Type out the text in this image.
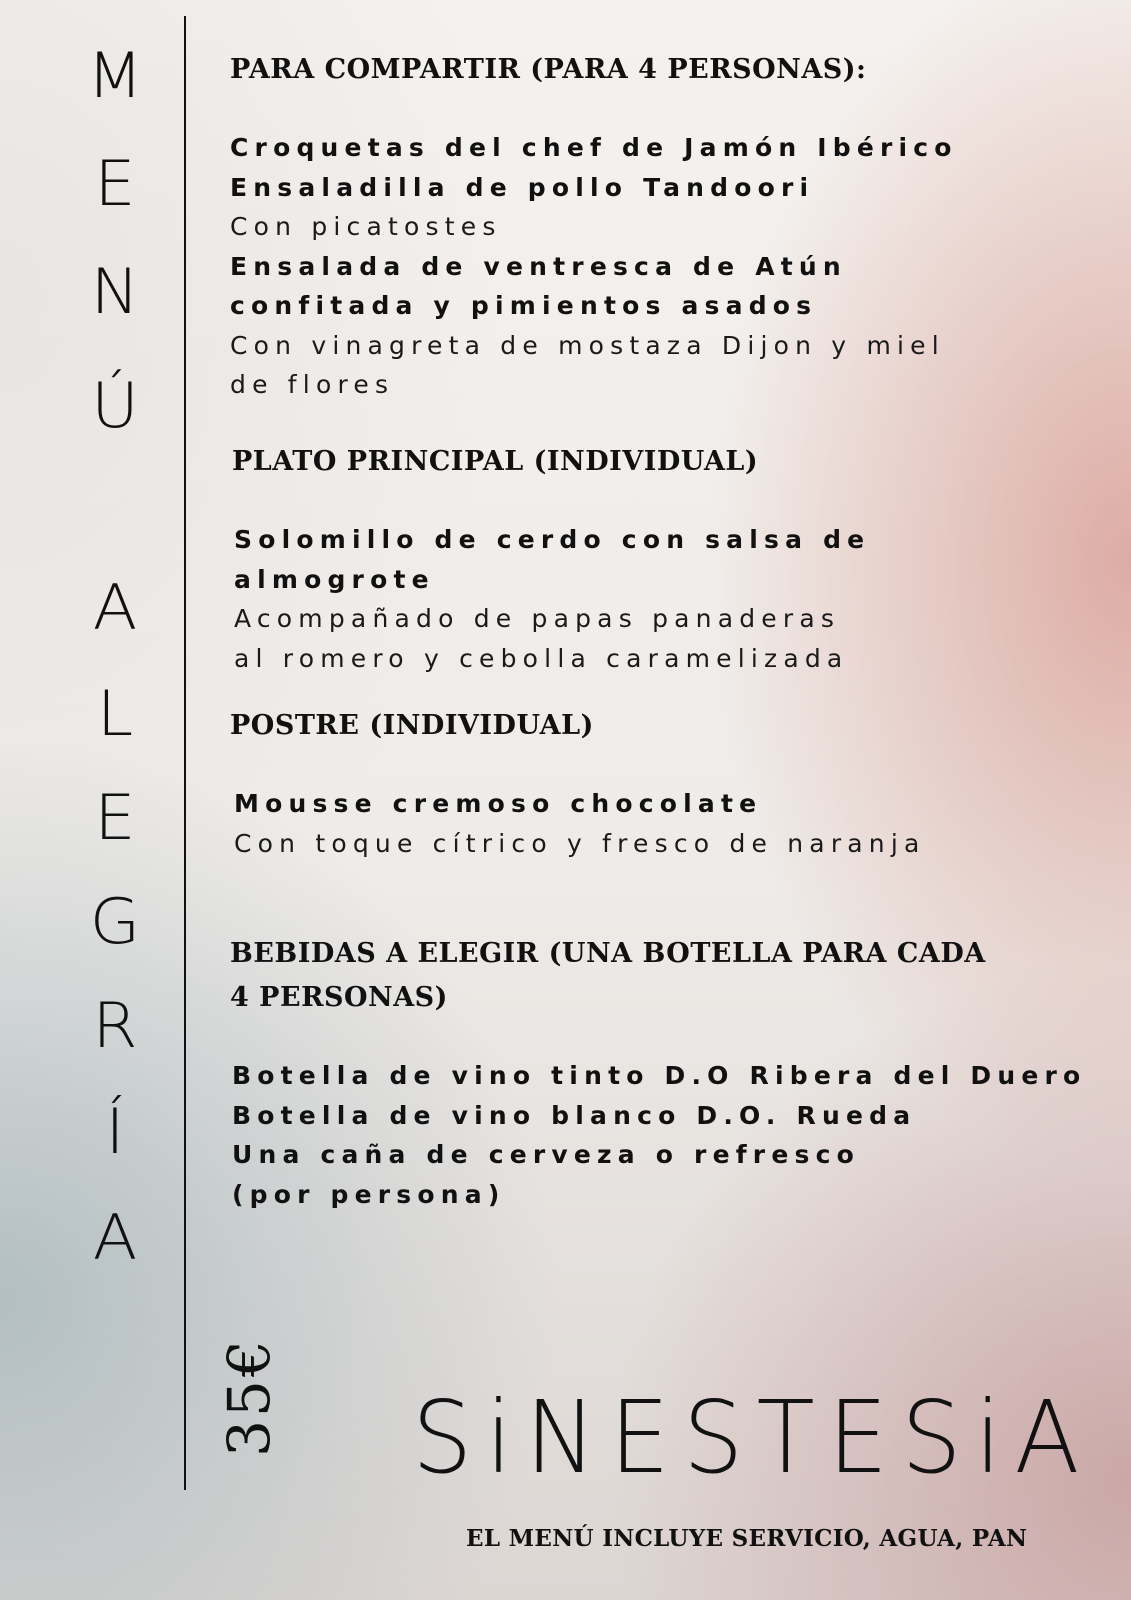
M
E
N
Ú
A
L
E
G
R
Í
A
35€
PARA COMPARTIR (PARA 4 PERSONAS):
Croquetas del chef de Jamón Ibérico
Ensaladilla de pollo Tandoori
Con picatostes
Ensalada de ventresca de Atún
confitada y pimientos asados
Con vinagreta de mostaza Dijon y miel
de flores
PLATO PRINCIPAL (INDIVIDUAL)
Solomillo de cerdo con salsa de
almogrote
Acompañado de papas panaderas
al romero y cebolla caramelizada
POSTRE (INDIVIDUAL)
Mousse cremoso chocolate
Con toque cítrico y fresco de naranja
BEBIDAS A ELEGIR (UNA BOTELLA PARA CADA
4 PERSONAS)
Botella de vino tinto D.O Ribera del Duero
Botella de vino blanco D.O. Rueda
Una caña de cerveza o refresco
(por persona)
SiNESTESiA
EL MENÚ INCLUYE SERVICIO, AGUA, PAN
